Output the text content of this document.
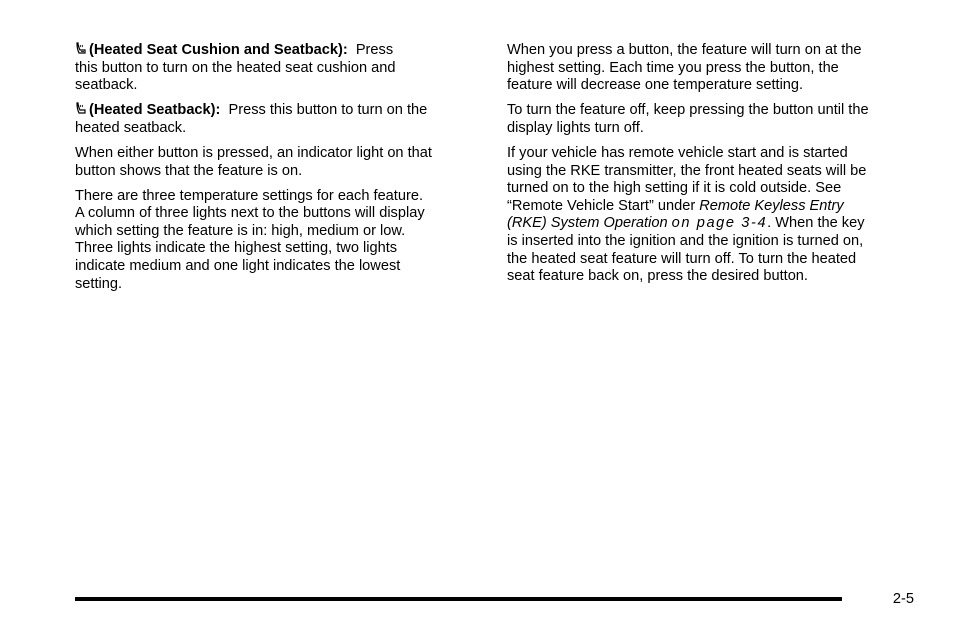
(Heated Seat Cushion and Seatback): Press
this button to turn on the heated seat cushion and
seatback.

(Heated Seatback): Press this button to turn on the
heated seatback.

When either button is pressed, an indicator light on that
button shows that the feature is on.

There are three temperature settings for each feature.
A column of three lights next to the buttons will display
which setting the feature is in: high, medium or low.
Three lights indicate the highest setting, two lights
indicate medium and one light indicates the lowest
setting.

When you press a button, the feature will turn on at the
highest setting. Each time you press the button, the
feature will decrease one temperature setting.

To turn the feature off, keep pressing the button until the
display lights turn off.

If your vehicle has remote vehicle start and is started
using the RKE transmitter, the front heated seats will be
turned on to the high setting if it is cold outside. See
“Remote Vehicle Start” under Remote Keyless Entry
(RKE) System Operation on page 3-4. When the key
is inserted into the ignition and the ignition is turned on,
the heated seat feature will turn off. To turn the heated
seat feature back on, press the desired button.

2-5
